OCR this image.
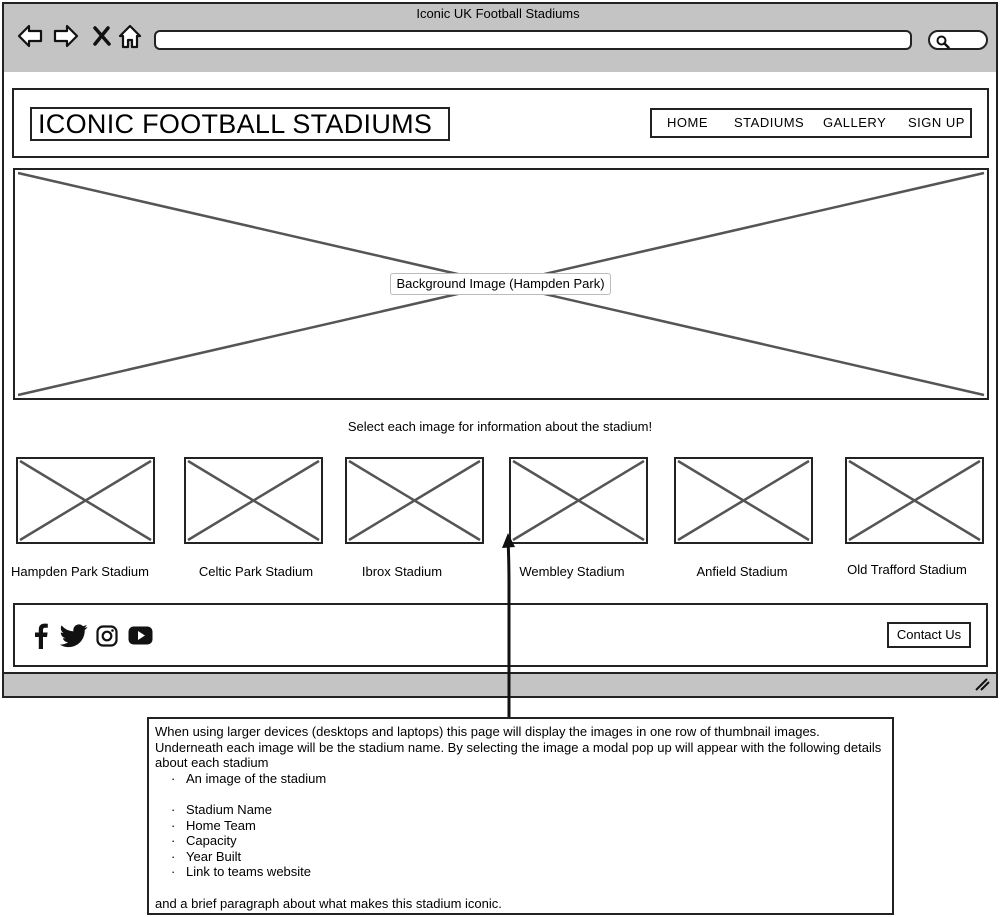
Iconic UK Football Stadiums
ICONIC FOOTBALL STADIUMS	HOME STADIUMS GALLERY SIGN UP
Background Image (Hampden Park)
Select each image for information about the stadium!
Hampden Park Stadium	Celtic Park Stadium	Ibrox Stadium	Wembley Stadium	Anfield Stadium	Old Trafford Stadium
Contact Us

When using larger devices (desktops and laptops) this page will display the images in one row of thumbnail images. Underneath each image will be the stadium name. By selecting the image a modal pop up will appear with the following details about each stadium

· An image of the stadium
· Stadium Name
· Home Team
· Capacity
· Year Built
· Link to teams website

and a brief paragraph about what makes this stadium iconic.
